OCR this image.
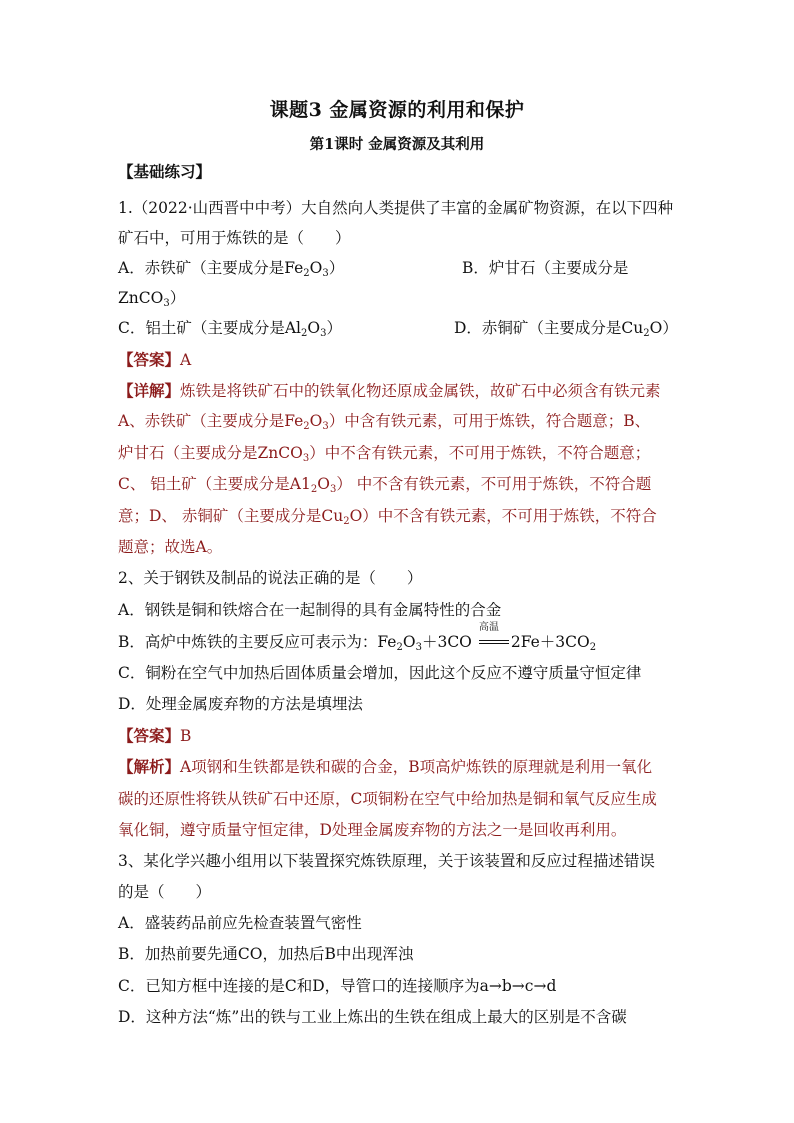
课题3 金属资源的利用和保护
第1课时 金属资源及其利用
【基础练习】
1.（2022·山西晋中中考）大自然向人类提供了丰富的金属矿物资源，在以下四种
矿石中，可用于炼铁的是（　　）
A．赤铁矿（主要成分是$Fe_2O_3$）	B．炉甘石（主要成分是
ZnCO$_3$）
C．铝土矿（主要成分是$Al_2O_3$）	D．赤铜矿（主要成分是$Cu_2O$）
【答案】A
【详解】炼铁是将铁矿石中的铁氧化物还原成金属铁，故矿石中必须含有铁元素
A、赤铁矿（主要成分是$Fe_2O_3$）中含有铁元素，可用于炼铁，符合题意；B、
炉甘石（主要成分是ZnCO$_3$）中不含有铁元素，不可用于炼铁，不符合题意；
C、 铝土矿（主要成分是$A1_2O_3$） 中不含有铁元素，不可用于炼铁，不符合题
意；D、 赤铜矿（主要成分是$Cu_2O$）中不含有铁元素，不可用于炼铁，不符合
题意；故选A。
2、关于钢铁及制品的说法正确的是（　　）
A．钢铁是铜和铁熔合在一起制得的具有金属特性的合金
B．高炉中炼铁的主要反应可表示为：$Fe_2O_3+3CO$
高温
$2Fe+3CO_2$
C．铜粉在空气中加热后固体质量会增加，因此这个反应不遵守质量守恒定律
D．处理金属废弃物的方法是填埋法
【答案】B
【解析】A项钢和生铁都是铁和碳的合金，B项高炉炼铁的原理就是利用一氧化
碳的还原性将铁从铁矿石中还原，C项铜粉在空气中给加热是铜和氧气反应生成
氧化铜，遵守质量守恒定律，D处理金属废弃物的方法之一是回收再利用。
3、某化学兴趣小组用以下装置探究炼铁原理，关于该装置和反应过程描述错误
的是（　　）
A．盛装药品前应先检查装置气密性
B．加热前要先通CO，加热后B中出现浑浊
C．已知方框中连接的是C和D，导管口的连接顺序为a→b→c→d
D．这种方法“炼”出的铁与工业上炼出的生铁在组成上最大的区别是不含碳
